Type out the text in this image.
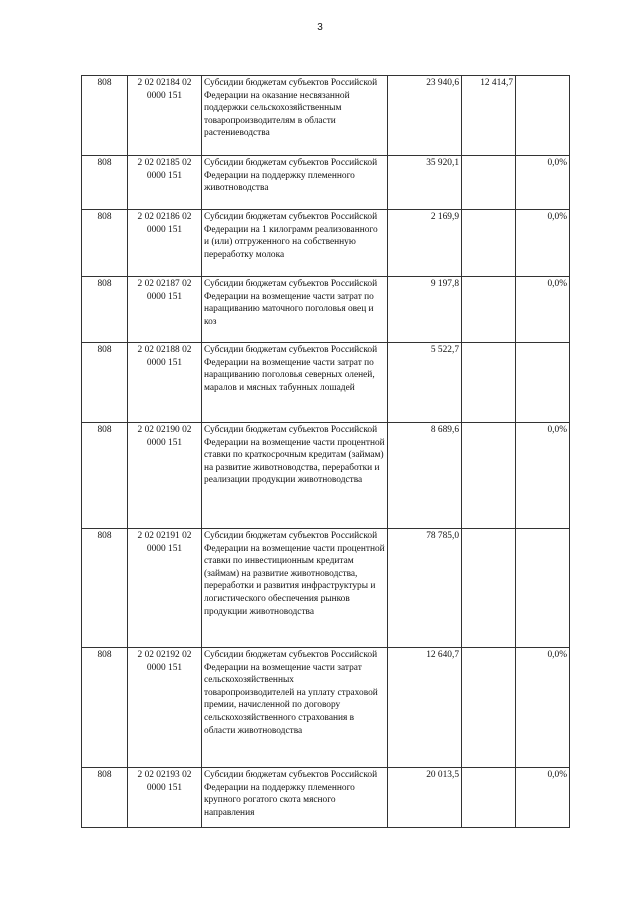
3
808	2 02 02184 02 0000 151	Субсидии бюджетам субъектов Российской Федерации на оказание несвязанной поддержки сельскохозяйственным товаропроизводителям в области растениеводства	23 940,6	12 414,7	
808	2 02 02185 02 0000 151	Субсидии бюджетам субъектов Российской Федерации на поддержку племенного животноводства	35 920,1		0,0%
808	2 02 02186 02 0000 151	Субсидии бюджетам субъектов Российской Федерации на 1 килограмм реализованного и (или) отгруженного на собственную переработку молока	2 169,9		0,0%
808	2 02 02187 02 0000 151	Субсидии бюджетам субъектов Российской Федерации на возмещение части затрат по наращиванию маточного поголовья овец и коз	9 197,8		0,0%
808	2 02 02188 02 0000 151	Субсидии бюджетам субъектов Российской Федерации на возмещение части затрат по наращиванию поголовья северных оленей, маралов и мясных табунных лошадей	5 522,7		
808	2 02 02190 02 0000 151	Субсидии бюджетам субъектов Российской Федерации на возмещение части процентной ставки по краткосрочным кредитам (займам) на развитие животноводства, переработки и реализации продукции животноводства	8 689,6		0,0%
808	2 02 02191 02 0000 151	Субсидии бюджетам субъектов Российской Федерации на возмещение части процентной ставки по инвестиционным кредитам (займам) на развитие животноводства, переработки и развития инфраструктуры и логистического обеспечения рынков продукции животноводства	78 785,0		
808	2 02 02192 02 0000 151	Субсидии бюджетам субъектов Российской Федерации на возмещение части затрат сельскохозяйственных товаропроизводителей на уплату страховой премии, начисленной по договору сельскохозяйственного страхования в области животноводства	12 640,7		0,0%
808	2 02 02193 02 0000 151	Субсидии бюджетам субъектов Российской Федерации на поддержку племенного крупного рогатого скота мясного направления	20 013,5		0,0%
